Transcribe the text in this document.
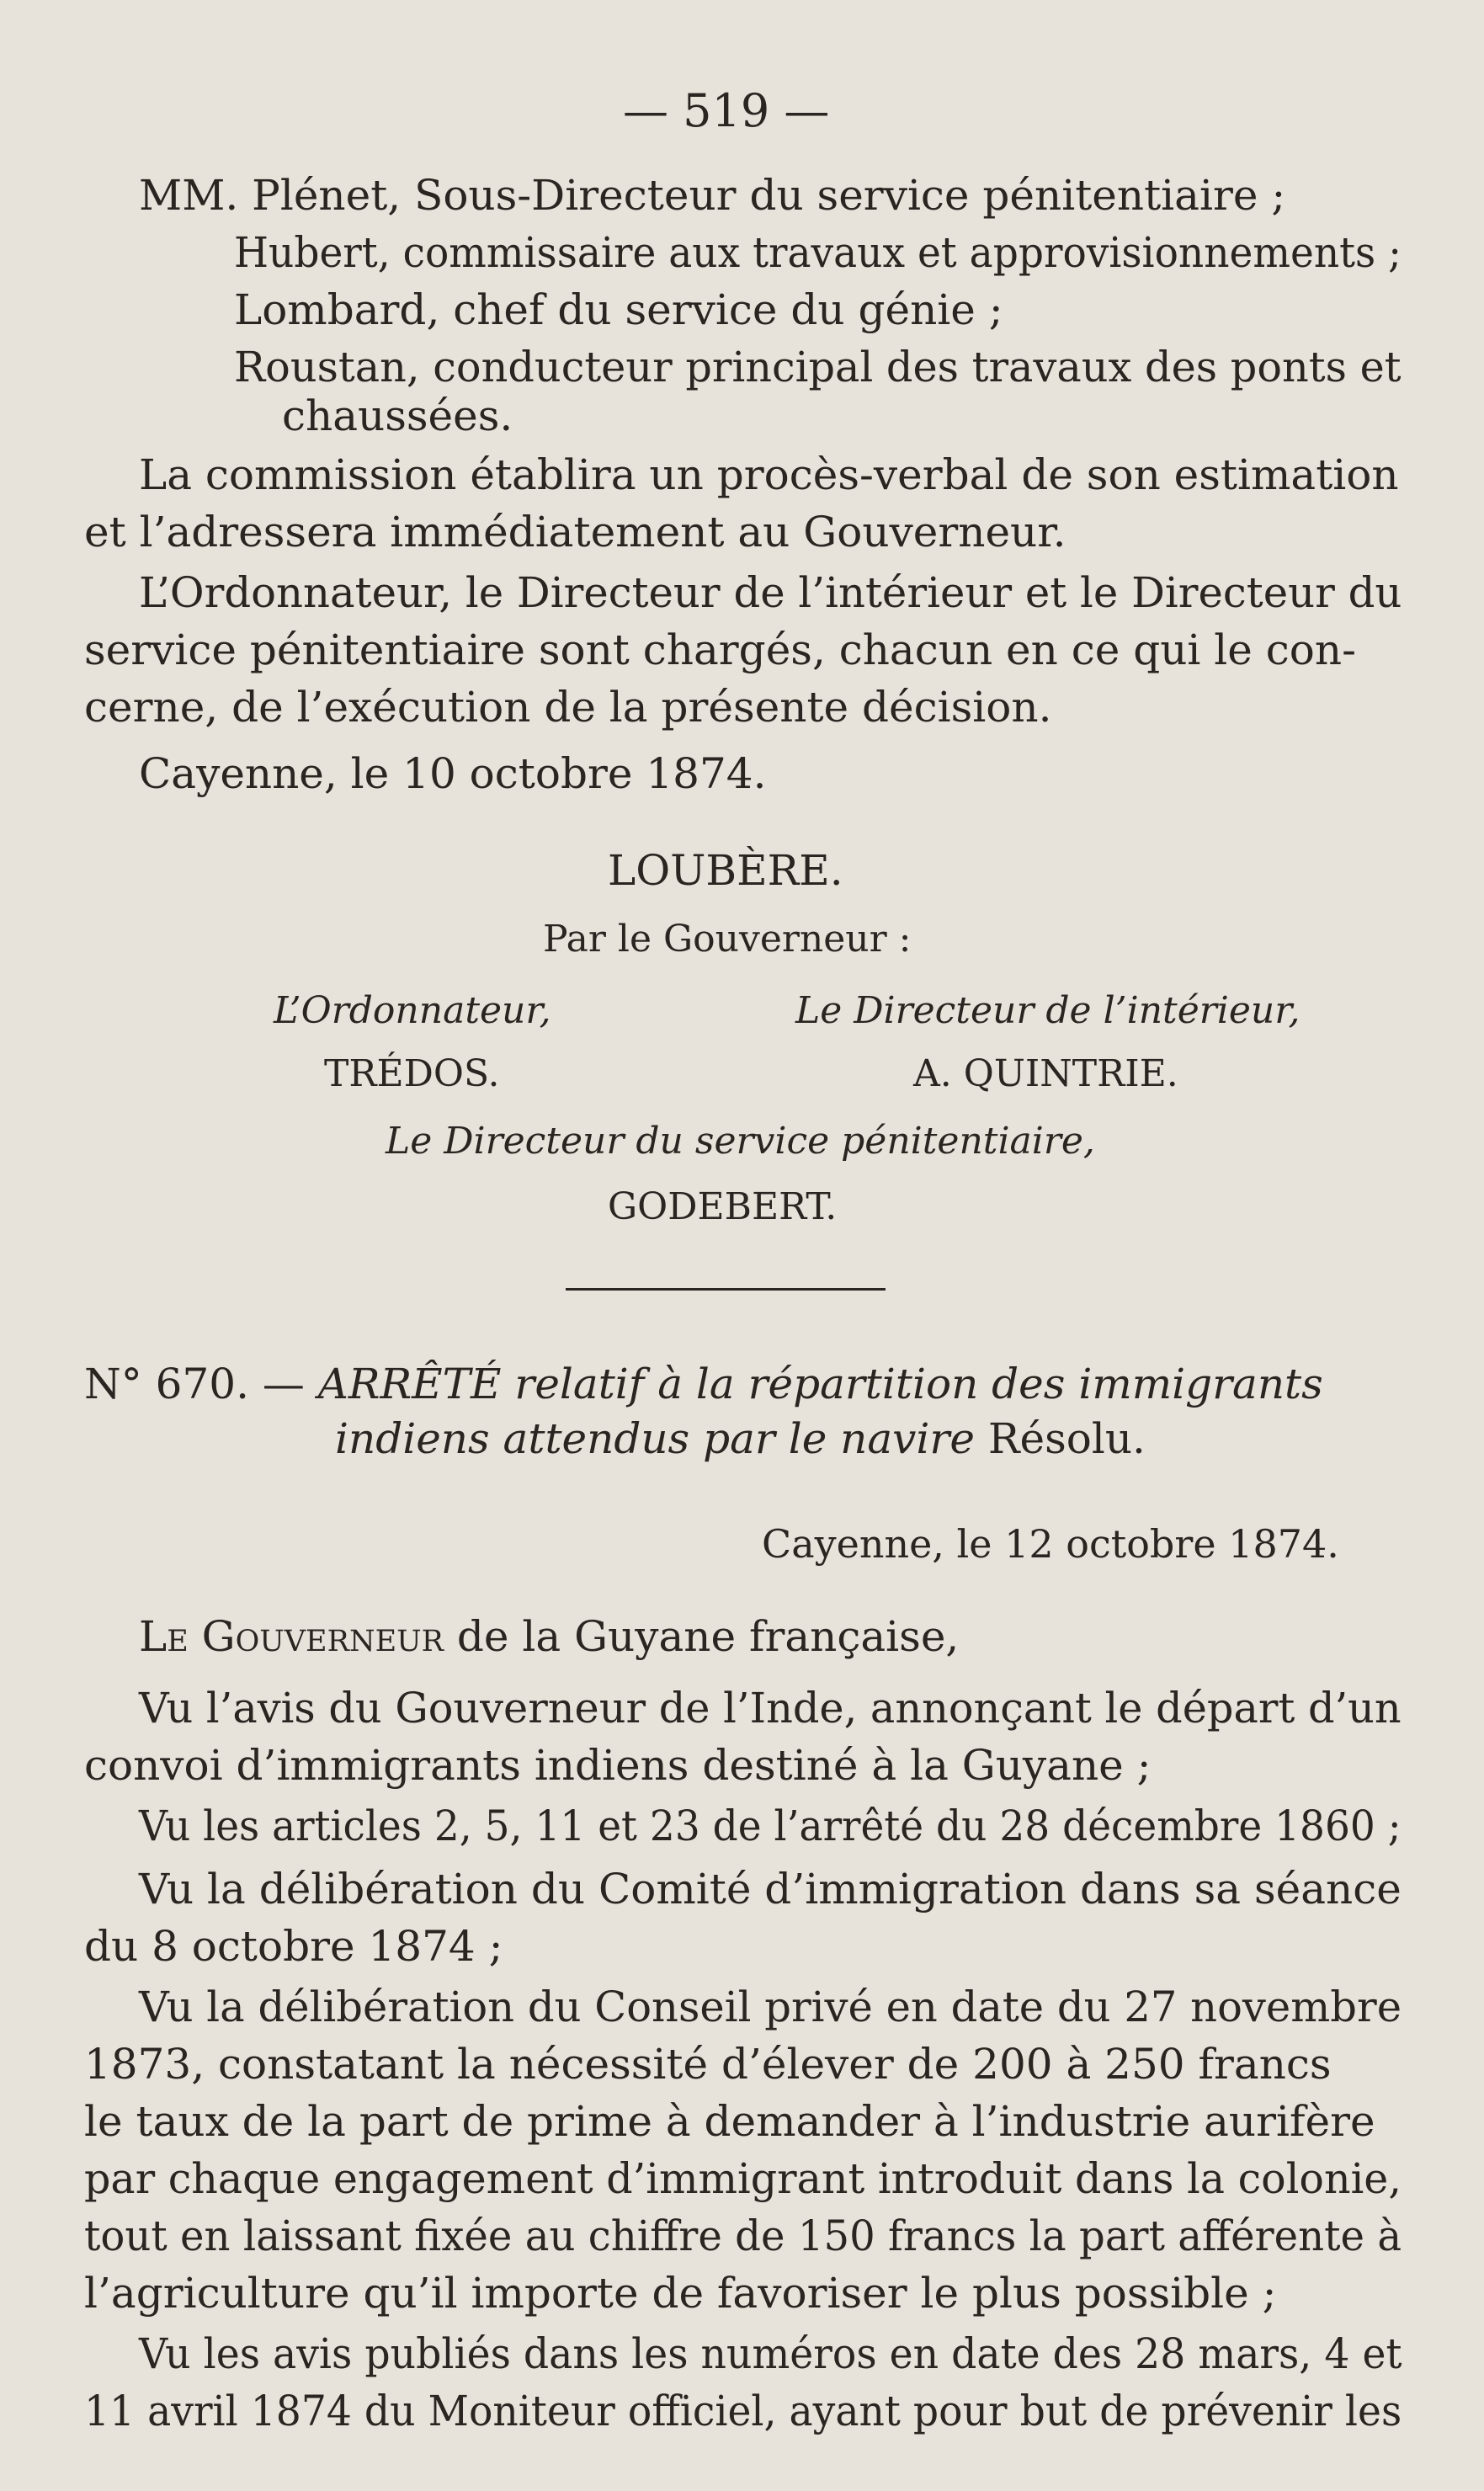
— 519 —
MM. Plénet, Sous-Directeur du service pénitentiaire ;
Hubert, commissaire aux travaux et approvisionnements ;
Lombard, chef du service du génie ;
Roustan, conducteur principal des travaux des ponts et
chaussées.
La commission établira un procès-verbal de son estimation
et l’adressera immédiatement au Gouverneur.
L’Ordonnateur, le Directeur de l’intérieur et le Directeur du
service pénitentiaire sont chargés, chacun en ce qui le con-
cerne, de l’exécution de la présente décision.
Cayenne, le 10 octobre 1874.
LOUBÈRE.
Par le Gouverneur :
L’Ordonnateur,
TRÉDOS.
Le Directeur de l’intérieur,
A. QUINTRIE.
Le Directeur du service pénitentiaire,
GODEBERT.
N° 670. — ARRÊTÉ relatif à la répartition des immigrants
indiens attendus par le navire Résolu.
Cayenne, le 12 octobre 1874.
Le Gouverneur de la Guyane française,
Vu l’avis du Gouverneur de l’Inde, annonçant le départ d’un
convoi d’immigrants indiens destiné à la Guyane ;
Vu les articles 2, 5, 11 et 23 de l’arrêté du 28 décembre 1860 ;
Vu la délibération du Comité d’immigration dans sa séance
du 8 octobre 1874 ;
Vu la délibération du Conseil privé en date du 27 novembre
1873, constatant la nécessité d’élever de 200 à 250 francs
le taux de la part de prime à demander à l’industrie aurifère
par chaque engagement d’immigrant introduit dans la colonie,
tout en laissant fixée au chiffre de 150 francs la part afférente à
l’agriculture qu’il importe de favoriser le plus possible ;
Vu les avis publiés dans les numéros en date des 28 mars, 4 et
11 avril 1874 du Moniteur officiel, ayant pour but de prévenir les
